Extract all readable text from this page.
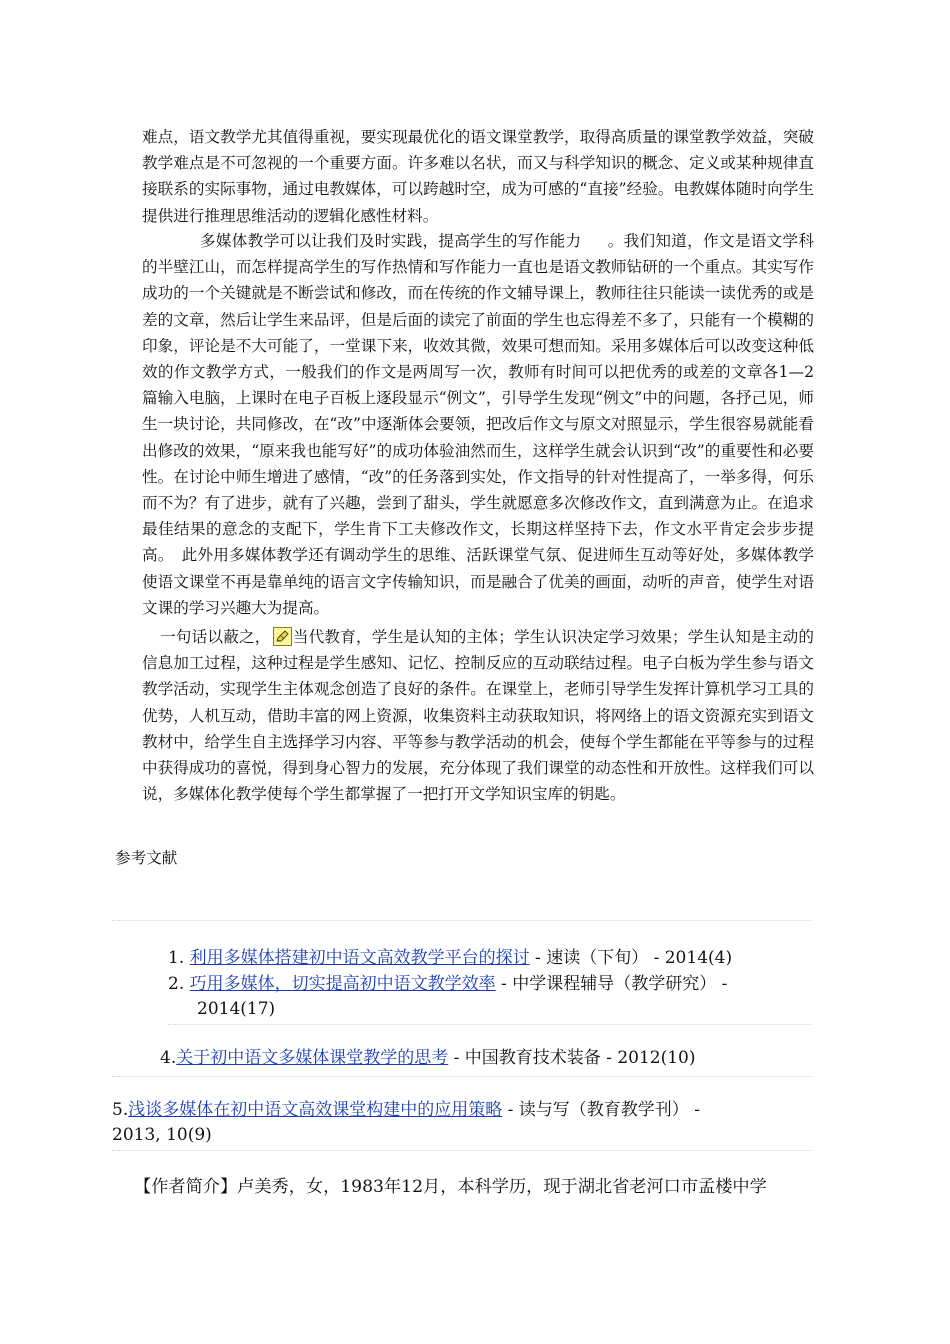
难点，语文教学尤其值得重视，要实现最优化的语文课堂教学，取得高质量的课堂教学效益，突破教学难点是不可忽视的一个重要方面。许多难以名状，而又与科学知识的概念、定义或某种规律直接联系的实际事物，通过电教媒体，可以跨越时空，成为可感的“直接”经验。电教媒体随时向学生提供进行推理思维活动的逻辑化感性材料。

多媒体教学可以让我们及时实践，提高学生的写作能力 。我们知道，作文是语文学科的半壁江山，而怎样提高学生的写作热情和写作能力一直也是语文教师钻研的一个重点。其实写作成功的一个关键就是不断尝试和修改，而在传统的作文辅导课上，教师往往只能读一读优秀的或是差的文章，然后让学生来品评，但是后面的读完了前面的学生也忘得差不多了，只能有一个模糊的印象，评论是不大可能了，一堂课下来，收效其微，效果可想而知。采用多媒体后可以改变这种低效的作文教学方式，一般我们的作文是两周写一次，教师有时间可以把优秀的或差的文章各1—2篇输入电脑，上课时在电子百板上逐段显示“例文”，引导学生发现“例文”中的问题，各抒己见，师生一块讨论，共同修改，在“改”中逐渐体会要领，把改后作文与原文对照显示，学生很容易就能看出修改的效果，“原来我也能写好”的成功体验油然而生，这样学生就会认识到“改”的重要性和必要性。在讨论中师生增进了感情，“改”的任务落到实处，作文指导的针对性提高了，一举多得，何乐而不为？有了进步，就有了兴趣，尝到了甜头，学生就愿意多次修改作文，直到满意为止。在追求最佳结果的意念的支配下，学生肯下工夫修改作文，长期这样坚持下去，作文水平肯定会步步提高。　此外用多媒体教学还有调动学生的思维、活跃课堂气氛、促进师生互动等好处，多媒体教学使语文课堂不再是靠单纯的语言文字传输知识，而是融合了优美的画面，动听的声音，使学生对语文课的学习兴趣大为提高。

一句话以蔽之， 当代教育，学生是认知的主体；学生认识决定学习效果；学生认知是主动的信息加工过程，这种过程是学生感知、记忆、控制反应的互动联结过程。电子白板为学生参与语文教学活动，实现学生主体观念创造了良好的条件。在课堂上，老师引导学生发挥计算机学习工具的优势，人机互动，借助丰富的网上资源，收集资料主动获取知识，将网络上的语文资源充实到语文教材中，给学生自主选择学习内容、平等参与教学活动的机会，使每个学生都能在平等参与的过程中获得成功的喜悦，得到身心智力的发展，充分体现了我们课堂的动态性和开放性。这样我们可以说，多媒体化教学使每个学生都掌握了一把打开文学知识宝库的钥匙。

参考文献
1. 利用多媒体搭建初中语文高效教学平台的探讨 - 速读（下旬） - 2014(4)
2. 巧用多媒体，切实提高初中语文教学效率 - 中学课程辅导（教学研究） -
2014(17)
4.关于初中语文多媒体课堂教学的思考 - 中国教育技术装备 - 2012(10)
5.浅谈多媒体在初中语文高效课堂构建中的应用策略 - 读与写（教育教学刊） -
2013, 10(9)
【作者简介】卢美秀，女，1983年12月，本科学历，现于湖北省老河口市孟楼中学
